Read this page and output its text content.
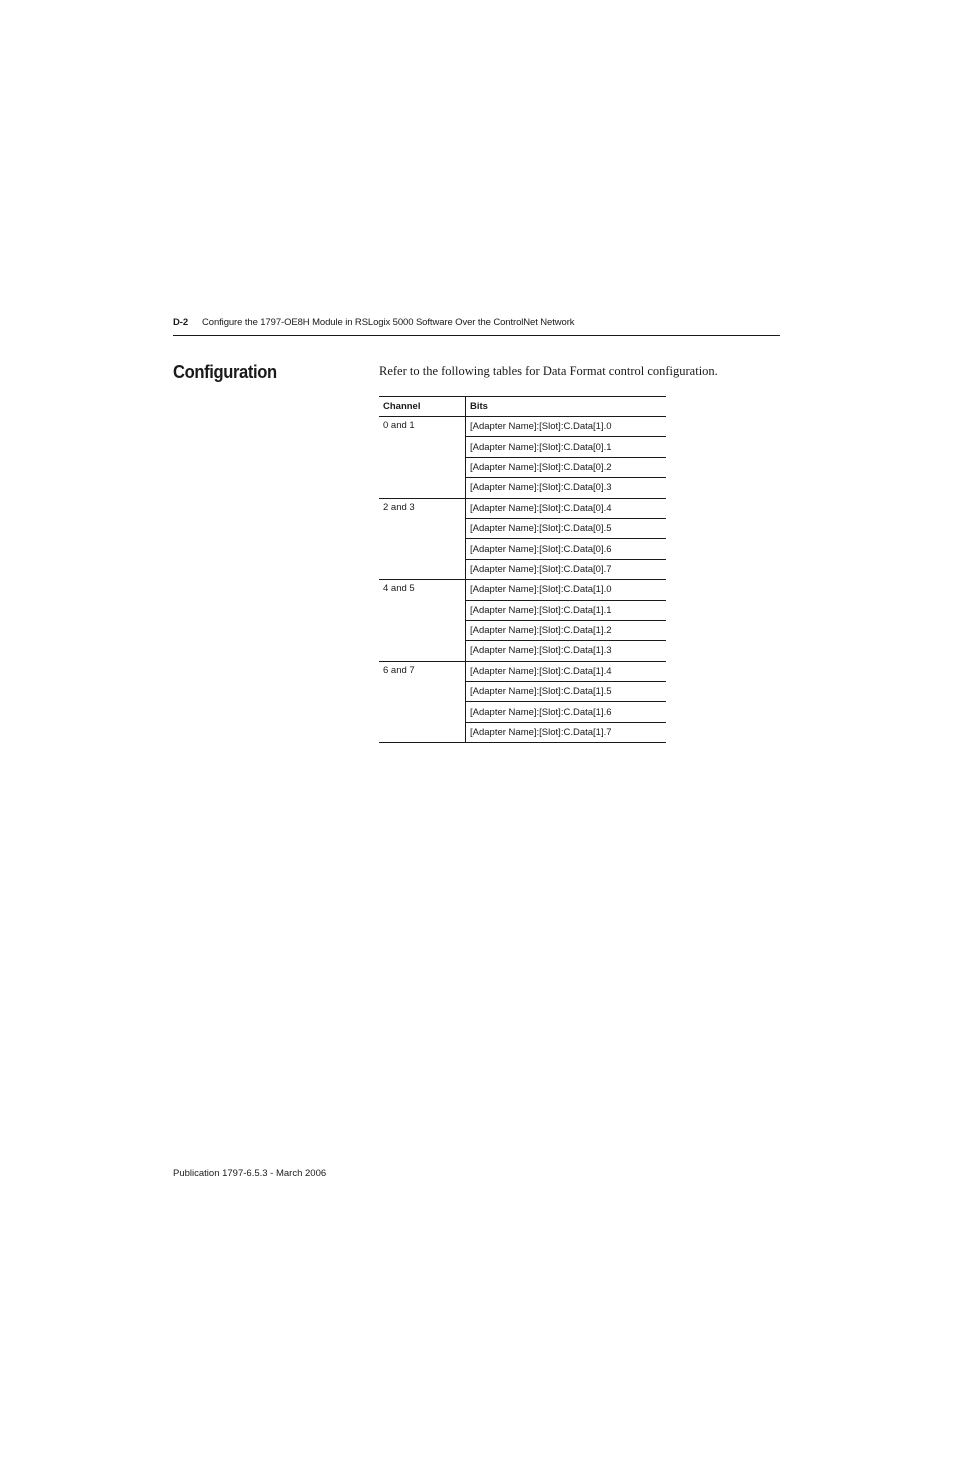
D-2 Configure the 1797-OE8H Module in RSLogix 5000 Software Over the ControlNet Network
Configuration	Refer to the following tables for Data Format control configuration.

Channel	Bits
0 and 1	[Adapter Name]:[Slot]:C.Data[1].0
	[Adapter Name]:[Slot]:C.Data[0].1
	[Adapter Name]:[Slot]:C.Data[0].2
	[Adapter Name]:[Slot]:C.Data[0].3
2 and 3	[Adapter Name]:[Slot]:C.Data[0].4
	[Adapter Name]:[Slot]:C.Data[0].5
	[Adapter Name]:[Slot]:C.Data[0].6
	[Adapter Name]:[Slot]:C.Data[0].7
4 and 5	[Adapter Name]:[Slot]:C.Data[1].0
	[Adapter Name]:[Slot]:C.Data[1].1
	[Adapter Name]:[Slot]:C.Data[1].2
	[Adapter Name]:[Slot]:C.Data[1].3
6 and 7	[Adapter Name]:[Slot]:C.Data[1].4
	[Adapter Name]:[Slot]:C.Data[1].5
	[Adapter Name]:[Slot]:C.Data[1].6
	[Adapter Name]:[Slot]:C.Data[1].7
Publication 1797-6.5.3 - March 2006
